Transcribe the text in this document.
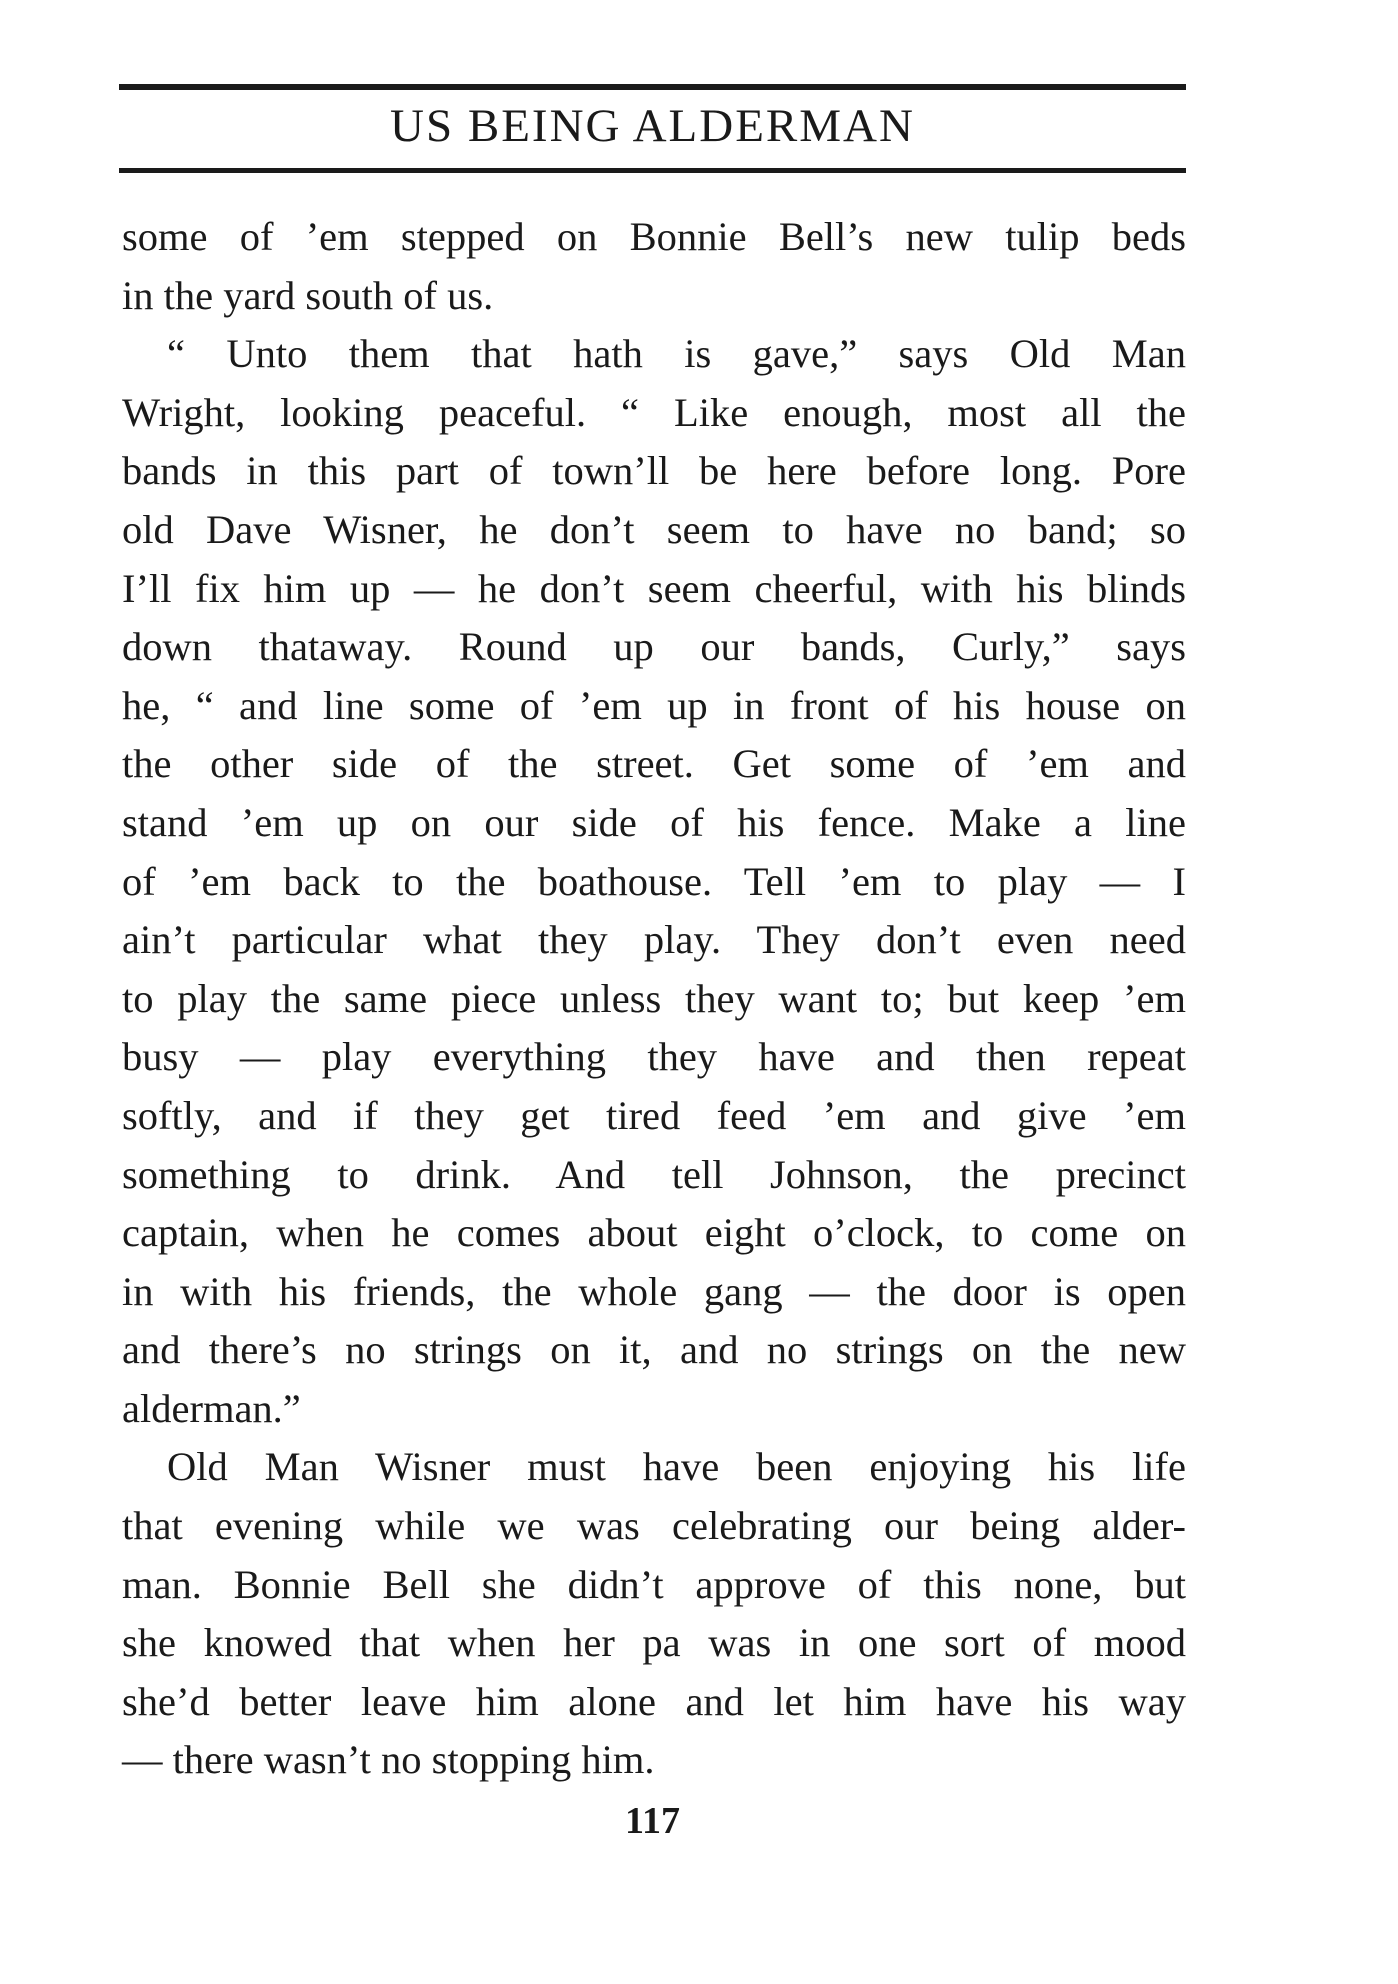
US BEING ALDERMAN
some of ’em stepped on Bonnie Bell’s new tulip beds
in the yard south of us.
“ Unto them that hath is gave,” says Old Man
Wright, looking peaceful. “ Like enough, most all the
bands in this part of town’ll be here before long. Pore
old Dave Wisner, he don’t seem to have no band; so
I’ll fix him up — he don’t seem cheerful, with his blinds
down thataway. Round up our bands, Curly,” says
he, “ and line some of ’em up in front of his house on
the other side of the street. Get some of ’em and
stand ’em up on our side of his fence. Make a line
of ’em back to the boathouse. Tell ’em to play — I
ain’t particular what they play. They don’t even need
to play the same piece unless they want to; but keep ’em
busy — play everything they have and then repeat
softly, and if they get tired feed ’em and give ’em
something to drink. And tell Johnson, the precinct
captain, when he comes about eight o’clock, to come on
in with his friends, the whole gang — the door is open
and there’s no strings on it, and no strings on the new
alderman.”
Old Man Wisner must have been enjoying his life
that evening while we was celebrating our being alder-
man. Bonnie Bell she didn’t approve of this none, but
she knowed that when her pa was in one sort of mood
she’d better leave him alone and let him have his way
— there wasn’t no stopping him.
117
